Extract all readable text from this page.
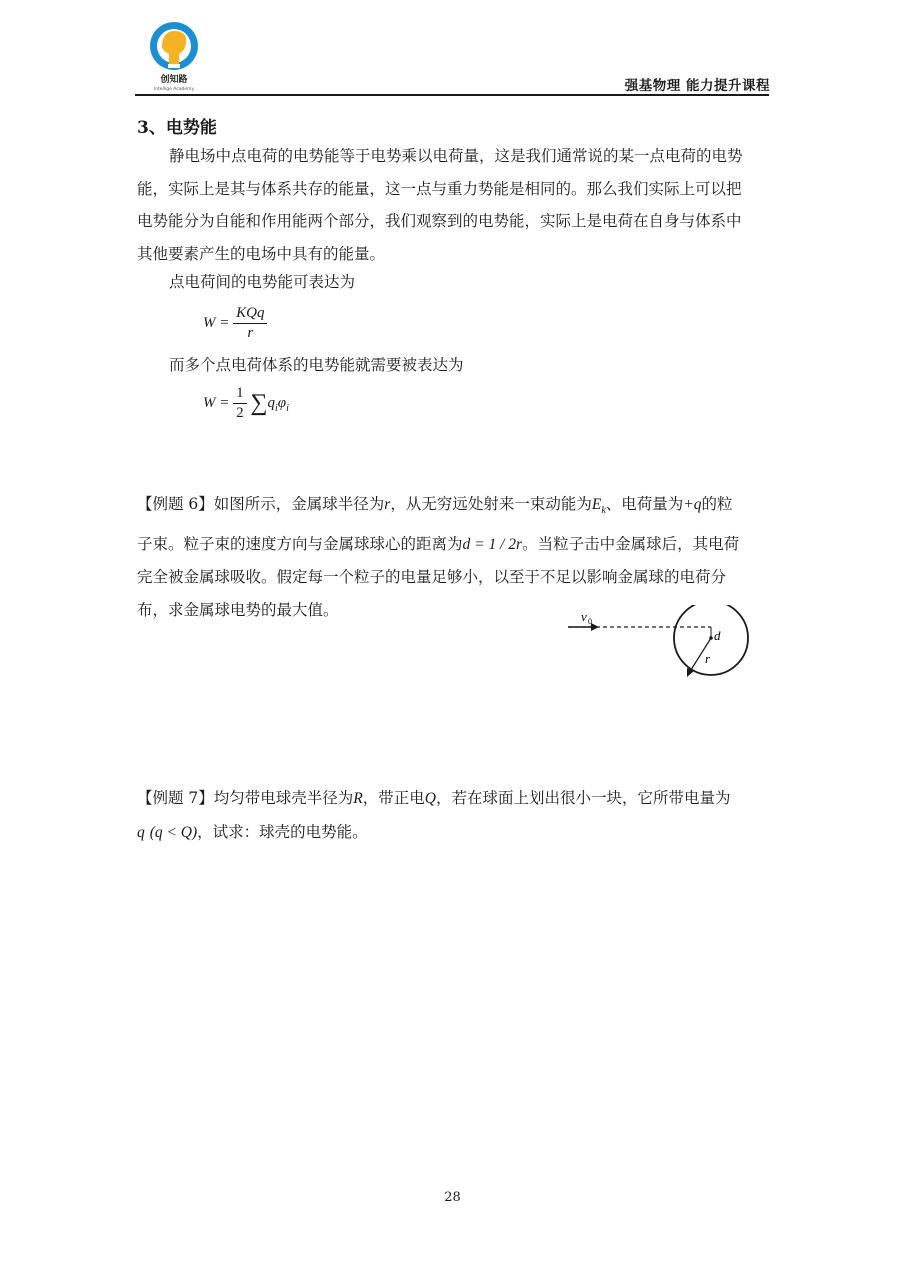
创知路
Intellige Academy	强基物理 能力提升课程
3、电势能
静电场中点电荷的电势能等于电势乘以电荷量，这是我们通常说的某一点电荷的电势
能，实际上是其与体系共存的能量，这一点与重力势能是相同的。那么我们实际上可以把
电势能分为自能和作用能两个部分，我们观察到的电势能，实际上是电荷在自身与体系中
其他要素产生的电场中具有的能量。
点电荷间的电势能可表达为
$W = \frac{\text{KQq}}{r}$
而多个点电荷体系的电势能就需要被表达为
$W = \frac{1}{2} \sum q_i\varphi_i$
【例题 6】如图所示，金属球半径为r，从无穷远处射来一束动能为$E_k$、电荷量为+q的粒
子束。粒子束的速度方向与金属球球心的距离为d = 1 / 2r。当粒子击中金属球后，其电荷
完全被金属球吸收。假定每一个粒子的电量足够小，以至于不足以影响金属球的电荷分
布，求金属球电势的最大值。	v 0
d
r
【例题 7】均匀带电球壳半径为R，带正电Q，若在球面上划出很小一块，它所带电量为
q (q < Q)，试求：球壳的电势能。
28
